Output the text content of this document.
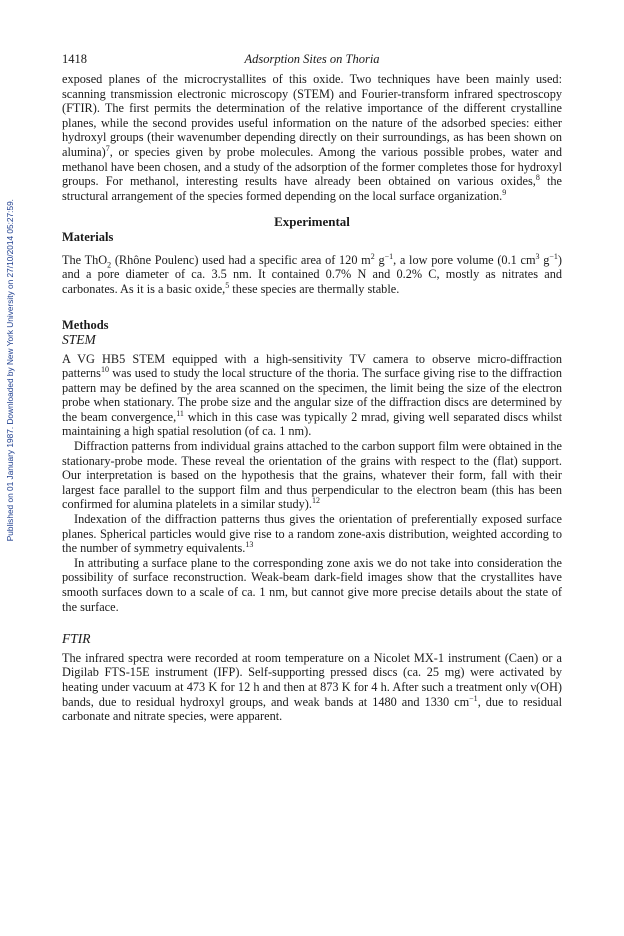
Published on 01 January 1987. Downloaded by New York University on 27/10/2014 05:27:59.
1418	Adsorption Sites on Thoria

exposed planes of the microcrystallites of this oxide. Two techniques have been mainly used: scanning transmission electronic microscopy (STEM) and Fourier-transform infrared spectroscopy (FTIR). The first permits the determination of the relative importance of the different crystalline planes, while the second provides useful information on the nature of the adsorbed species: either hydroxyl groups (their wavenumber depending directly on their surroundings, as has been shown on alumina)$^7$, or species given by probe molecules. Among the various possible probes, water and methanol have been chosen, and a study of the adsorption of the former completes those for hydroxyl groups. For methanol, interesting results have already been obtained on various oxides,$^8$ the structural arrangement of the species formed depending on the local surface organization.$^9$

Experimental

Materials

The ThO$_2$ (Rhône Poulenc) used had a specific area of 120 $m^2$ $g^{-1}$, a low pore volume (0.1 $cm^3$ $g^{-1}$) and a pore diameter of ca. 3.5 nm. It contained 0.7% N and 0.2% C, mostly as nitrates and carbonates. As it is a basic oxide,$^5$ these species are thermally stable.

Methods

STEM

A VG HB5 STEM equipped with a high-sensitivity TV camera to observe micro-diffraction patterns$^{10}$ was used to study the local structure of the thoria. The surface giving rise to the diffraction pattern may be defined by the area scanned on the specimen, the limit being the size of the electron probe when stationary. The probe size and the angular size of the diffraction discs are determined by the beam convergence,$^{11}$ which in this case was typically 2 mrad, giving well separated discs whilst maintaining a high spatial resolution (of ca. 1 nm).

Diffraction patterns from individual grains attached to the carbon support film were obtained in the stationary-probe mode. These reveal the orientation of the grains with respect to the (flat) support. Our interpretation is based on the hypothesis that the grains, whatever their form, fall with their largest face parallel to the support film and thus perpendicular to the electron beam (this has been confirmed for alumina platelets in a similar study).$^{12}$

Indexation of the diffraction patterns thus gives the orientation of preferentially exposed surface planes. Spherical particles would give rise to a random zone-axis distribution, weighted according to the number of symmetry equivalents.$^{13}$

In attributing a surface plane to the corresponding zone axis we do not take into consideration the possibility of surface reconstruction. Weak-beam dark-field images show that the crystallites have smooth surfaces down to a scale of ca. 1 nm, but cannot give more precise details about the state of the surface.

FTIR

The infrared spectra were recorded at room temperature on a Nicolet MX-1 instrument (Caen) or a Digilab FTS-15E instrument (IFP). Self-supporting pressed discs (ca. 25 mg) were activated by heating under vacuum at 473 K for 12 h and then at 873 K for 4 h. After such a treatment only ν(OH) bands, due to residual hydroxyl groups, and weak bands at 1480 and 1330 $cm^{-1}$, due to residual carbonate and nitrate species, were apparent.
